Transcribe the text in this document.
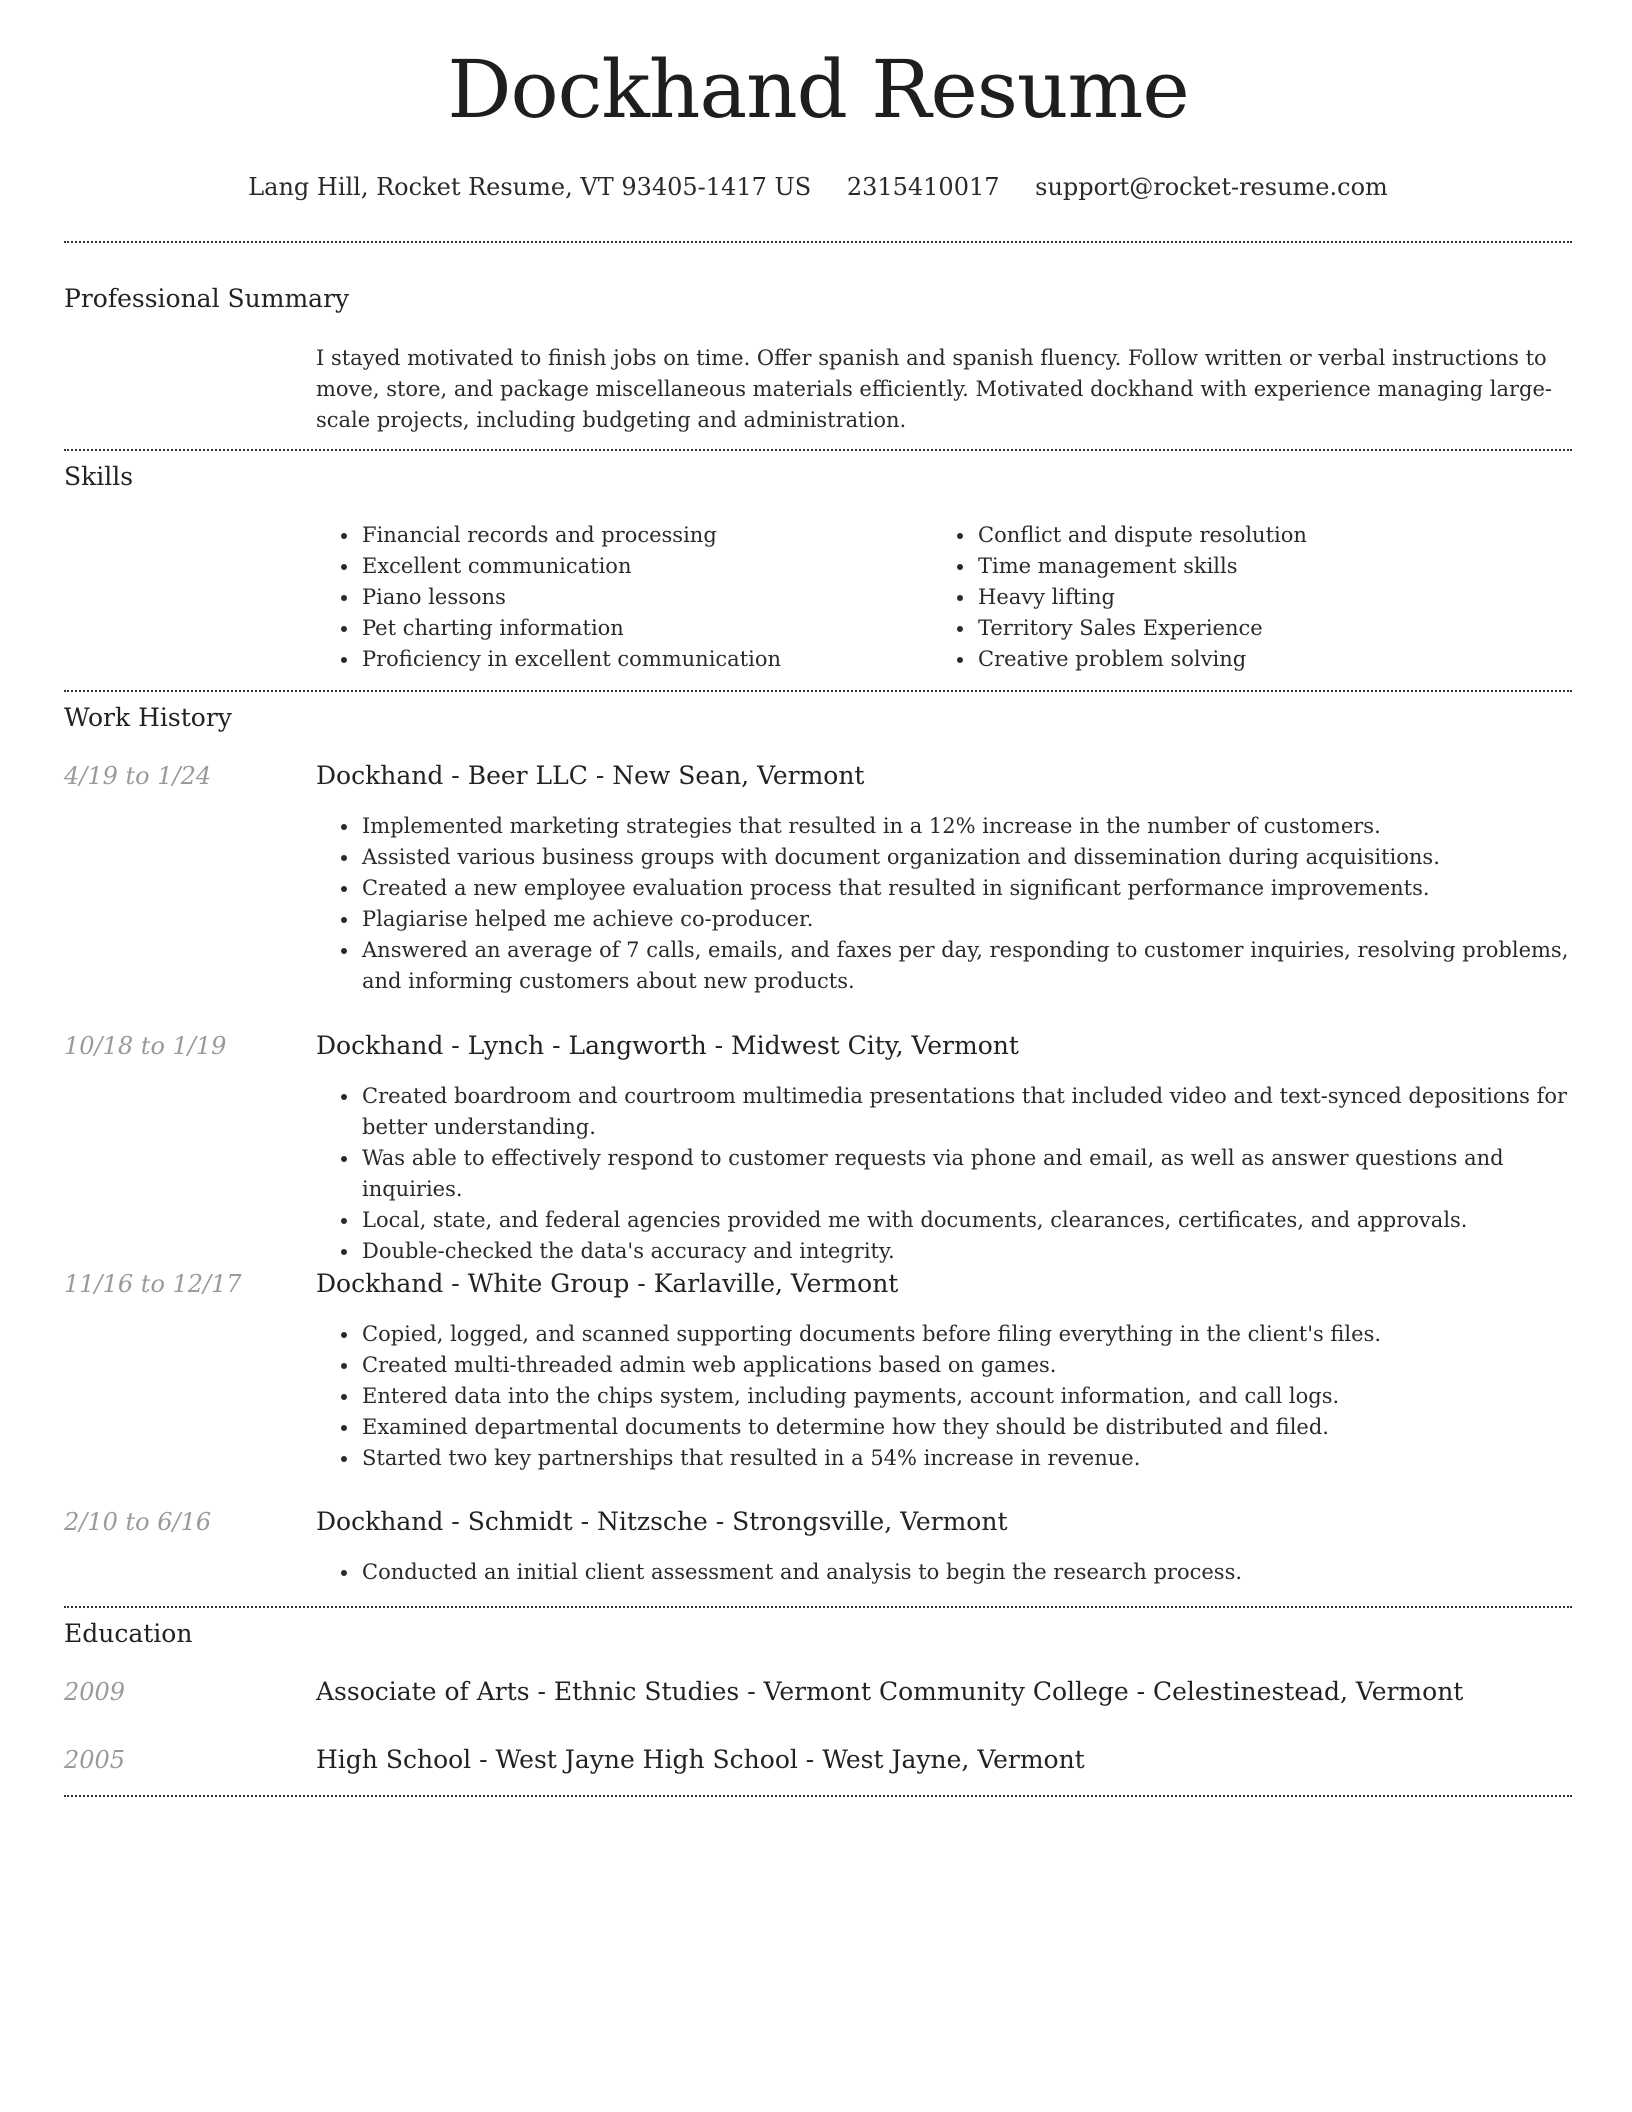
Dockhand Resume
Lang Hill, Rocket Resume, VT 93405-1417 US 2315410017 support@rocket-resume.com
Professional Summary

I stayed motivated to finish jobs on time. Offer spanish and spanish fluency. Follow written or verbal instructions to move, store, and package miscellaneous materials efficiently. Motivated dockhand with experience managing large-scale projects, including budgeting and administration.

Skills
• Financial records and processing
• Excellent communication
• Piano lessons
• Pet charting information
• Proficiency in excellent communication
• Conflict and dispute resolution
• Time management skills
• Heavy lifting
• Territory Sales Experience
• Creative problem solving
Work History
4/19 to 1/24	Dockhand - Beer LLC - New Sean, Vermont
• Implemented marketing strategies that resulted in a 12% increase in the number of customers.
• Assisted various business groups with document organization and dissemination during acquisitions.
• Created a new employee evaluation process that resulted in significant performance improvements.
• Plagiarise helped me achieve co-producer.
• Answered an average of 7 calls, emails, and faxes per day, responding to customer inquiries, resolving problems, and informing customers about new products.
10/18 to 1/19	Dockhand - Lynch - Langworth - Midwest City, Vermont
• Created boardroom and courtroom multimedia presentations that included video and text-synced depositions for better understanding.
• Was able to effectively respond to customer requests via phone and email, as well as answer questions and inquiries.
• Local, state, and federal agencies provided me with documents, clearances, certificates, and approvals.
• Double-checked the data's accuracy and integrity.
11/16 to 12/17	Dockhand - White Group - Karlaville, Vermont
• Copied, logged, and scanned supporting documents before filing everything in the client's files.
• Created multi-threaded admin web applications based on games.
• Entered data into the chips system, including payments, account information, and call logs.
• Examined departmental documents to determine how they should be distributed and filed.
• Started two key partnerships that resulted in a 54% increase in revenue.
2/10 to 6/16	Dockhand - Schmidt - Nitzsche - Strongsville, Vermont
• Conducted an initial client assessment and analysis to begin the research process.
Education
2009	Associate of Arts - Ethnic Studies - Vermont Community College - Celestinestead, Vermont
2005	High School - West Jayne High School - West Jayne, Vermont
